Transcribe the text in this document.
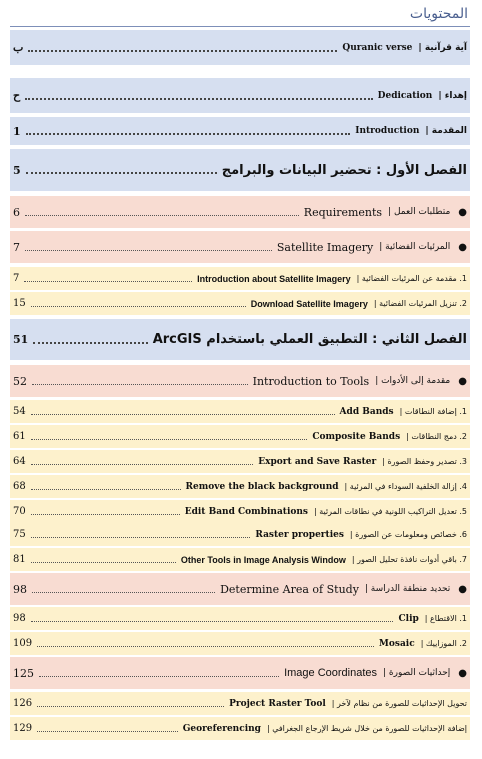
المحتويات
ب	Quranic verse آية قرآنية |
ح	Dedication إهداء |
1	Introduction المقدمة |
5	الفصل الأول : تحضير البيانات والبرامج
6	Requirements متطلبات العمل | ●
7	Satellite Imagery المرئيات الفضائية | ●
7	Introduction about Satellite Imagery 1. مقدمة عن المرئيات الفضائية |
15	Download Satellite Imagery 2. تنزيل المرئيات الفضائية |
51	الفصل الثاني : التطبيق العملي باستخدام ArcGIS
52	Introduction to Tools مقدمة إلى الأدوات | ●
54	Add Bands 1. إضافة النطاقات |
61	Composite Bands 2. دمج النطاقات |
64	Export and Save Raster 3. تصدير وحفظ الصورة |
68	Remove the black background 4. إزالة الخلفية السوداء في المرئية |
70	Edit Band Combinations 5. تعديل التراكيب اللونية في نطاقات المرئية |
75	Raster properties 6. خصائص ومعلومات عن الصورة |
81	Other Tools in Image Analysis Window 7. باقي أدوات نافذة تحليل الصور |
98	Determine Area of Study تحديد منطقة الدراسة | ●
98	Clip 1. الاقتطاع |
109	Mosaic 2. الموزاييك |
125	Image Coordinates إحداثيات الصورة | ●
126	Project Raster Tool تحويل الإحداثيات للصورة من نظام لآخر |
129	Georeferencing إضافة الإحداثيات للصورة من خلال شريط الإرجاع الجغرافي |
